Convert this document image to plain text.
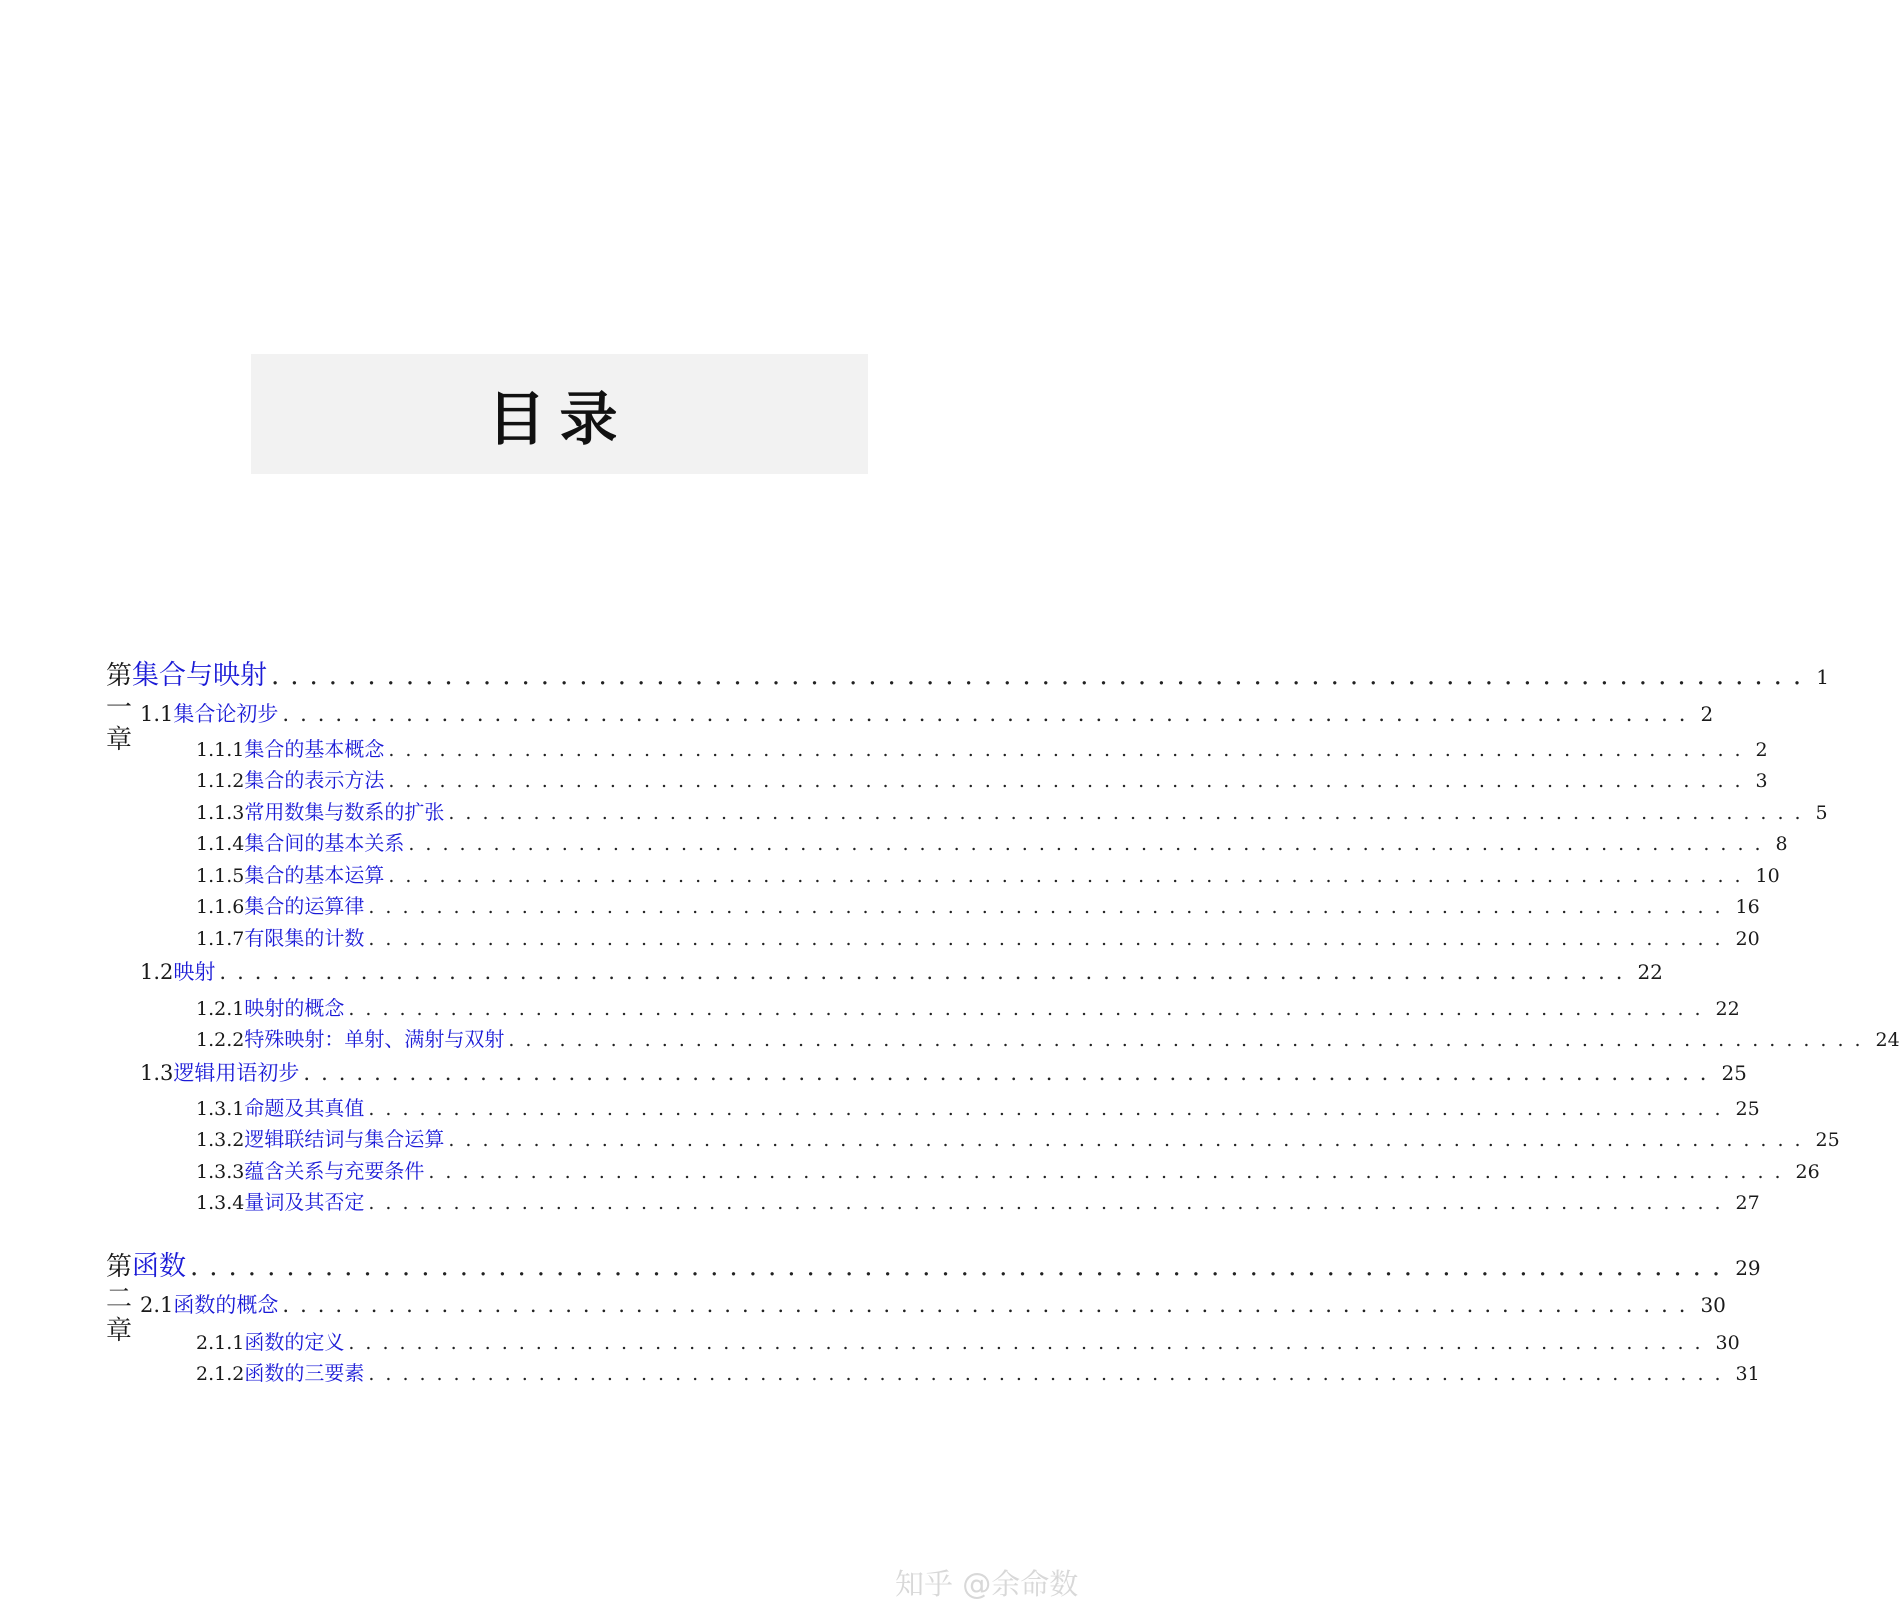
目录
第一章
集合与映射 ................................................................................ 1
1.1 集合论初步 ................................................................................ 2
1.1.1 集合的基本概念 ................................................................................ 2
1.1.2 集合的表示方法 ................................................................................ 3
1.1.3 常用数集与数系的扩张 ................................................................................ 5
1.1.4 集合间的基本关系 ................................................................................ 8
1.1.5 集合的基本运算 ................................................................................ 10
1.1.6 集合的运算律 ................................................................................ 16
1.1.7 有限集的计数 ................................................................................ 20
1.2 映射 ................................................................................ 22
1.2.1 映射的概念 ................................................................................ 22
1.2.2 特殊映射：单射、满射与双射 ................................................................................ 24
1.3 逻辑用语初步 ................................................................................ 25
1.3.1 命题及其真值 ................................................................................ 25
1.3.2 逻辑联结词与集合运算 ................................................................................ 25
1.3.3 蕴含关系与充要条件 ................................................................................ 26
1.3.4 量词及其否定 ................................................................................ 27
第二章
函数 ................................................................................ 29
2.1 函数的概念 ................................................................................ 30
2.1.1 函数的定义 ................................................................................ 30
2.1.2 函数的三要素 ................................................................................ 31
知乎 @余命数
